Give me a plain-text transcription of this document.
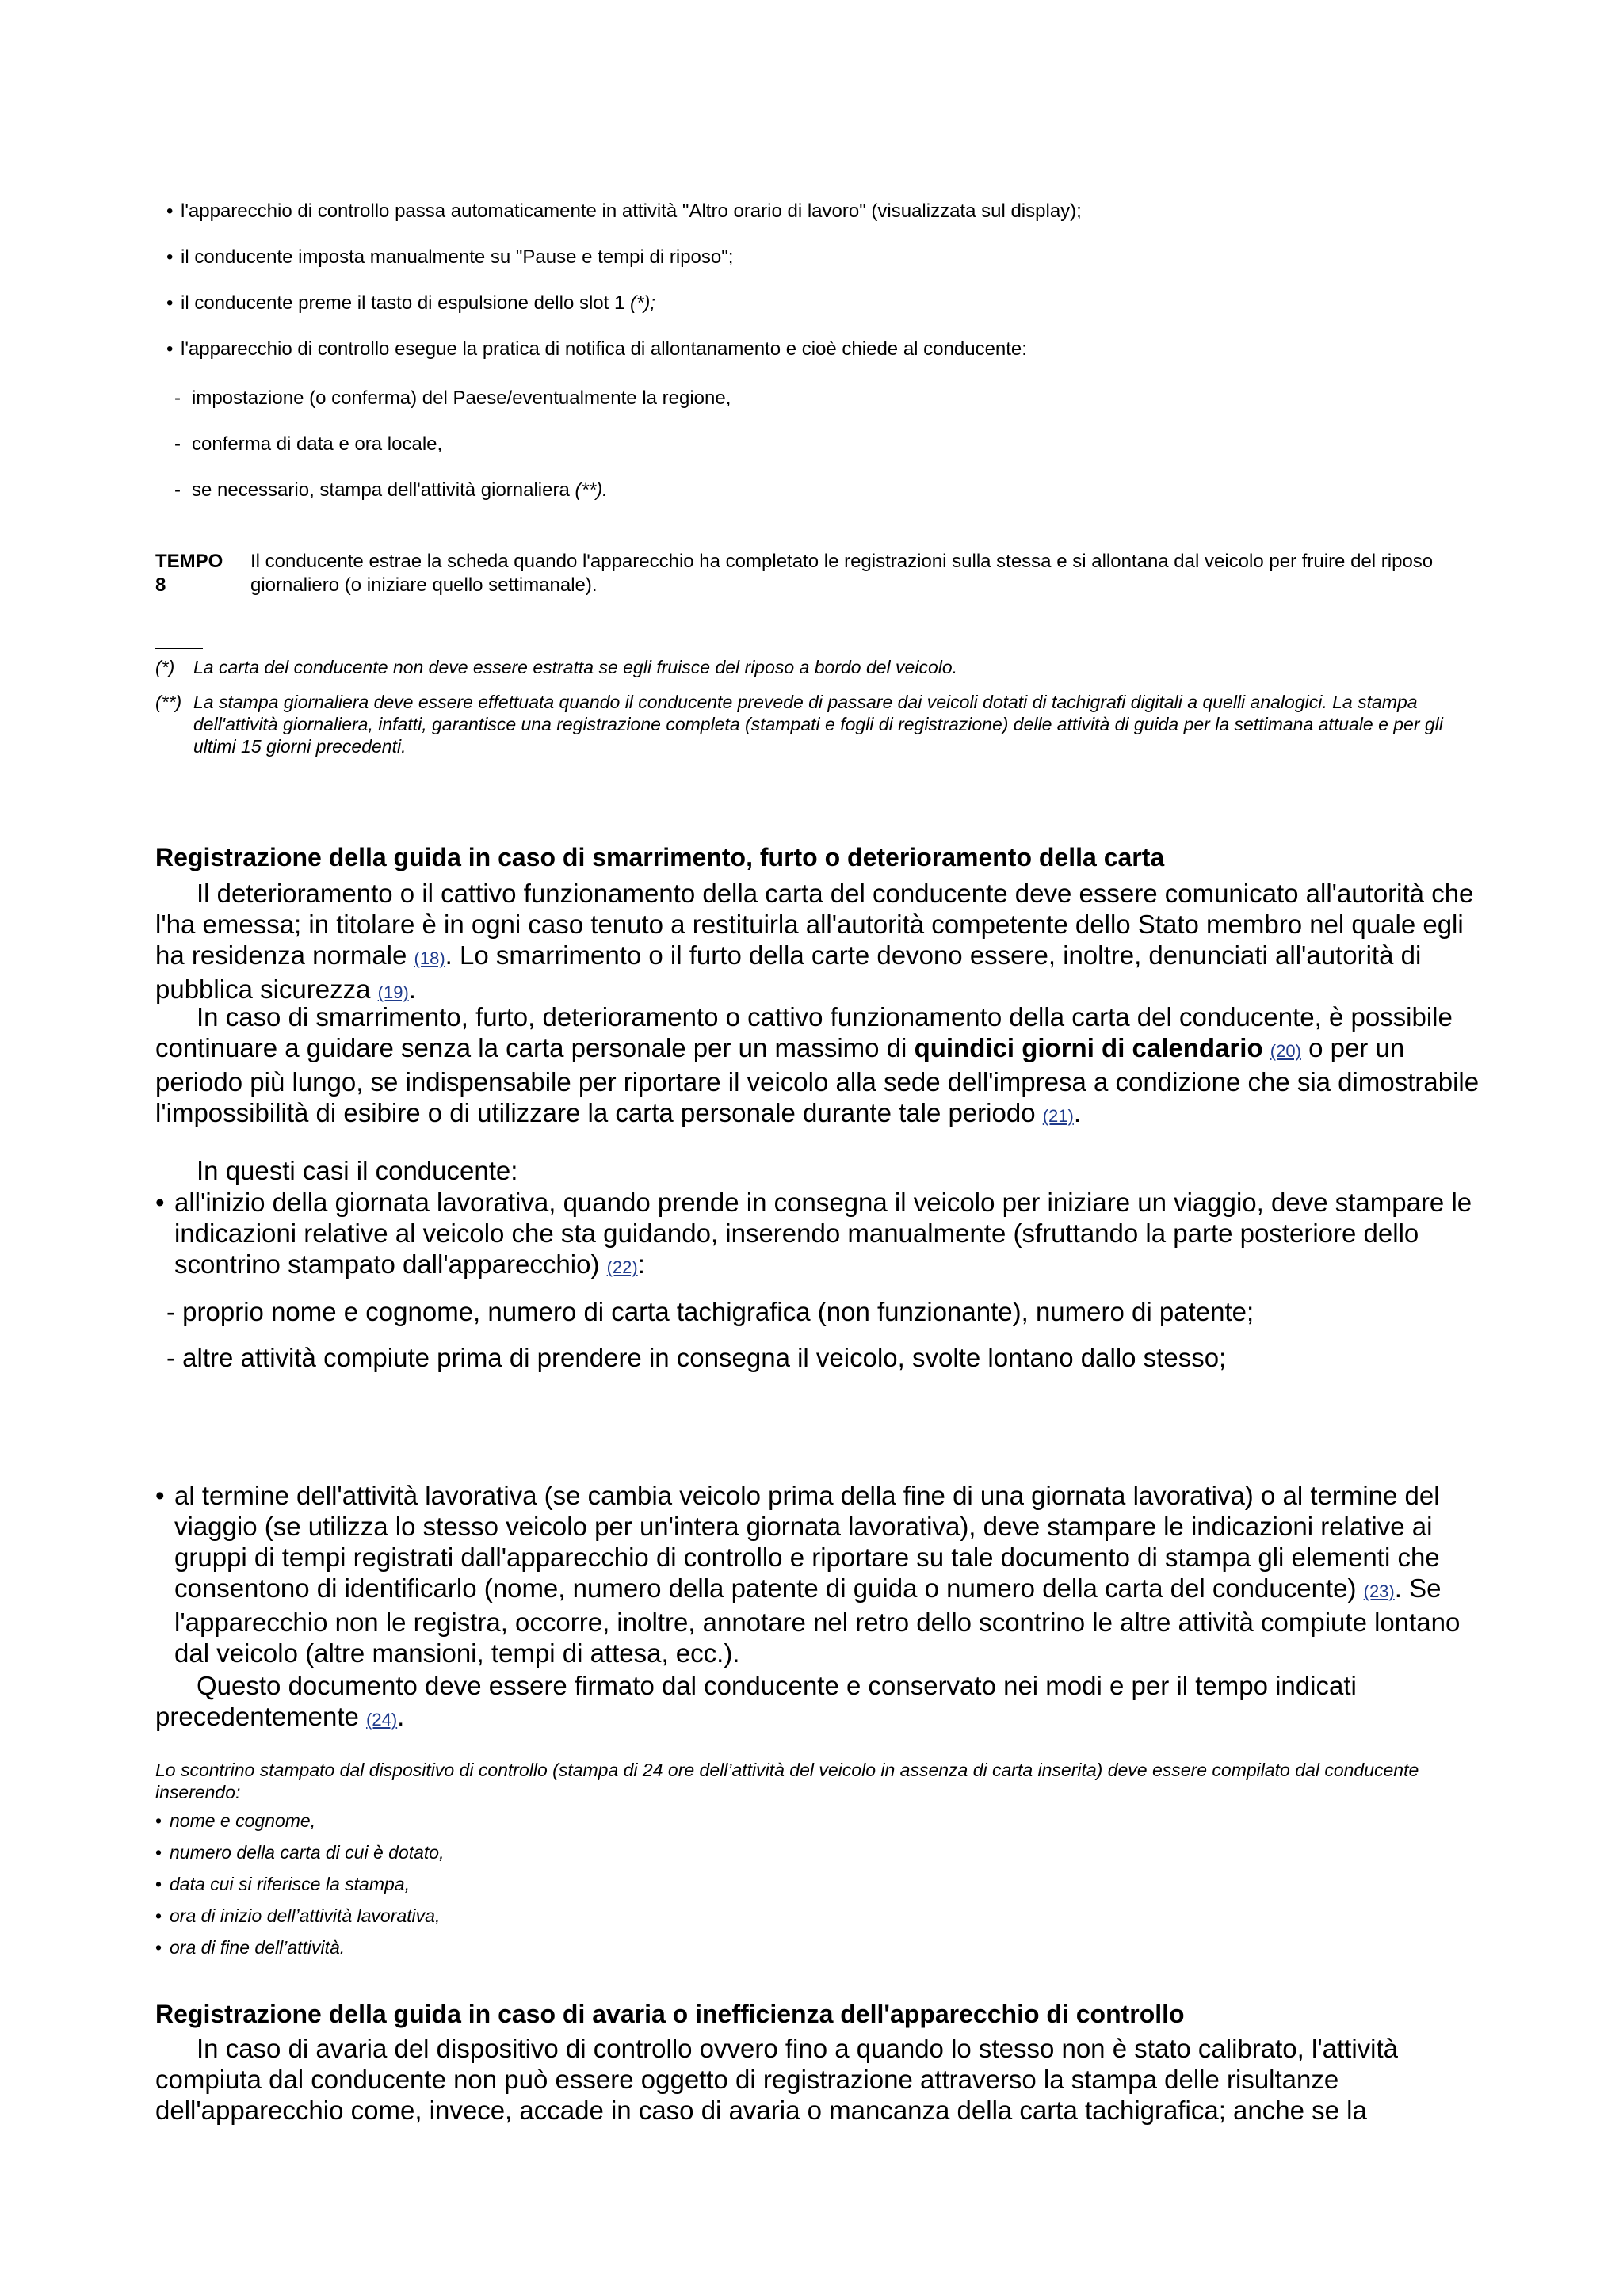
• l'apparecchio di controllo passa automaticamente in attività "Altro orario di lavoro" (visualizzata sul display);
• il conducente imposta manualmente su "Pause e tempi di riposo";
• il conducente preme il tasto di espulsione dello slot 1 (*);
• l'apparecchio di controllo esegue la pratica di notifica di allontanamento e cioè chiede al conducente:
- impostazione (o conferma) del Paese/eventualmente la regione,
- conferma di data e ora locale,
- se necessario, stampa dell'attività giornaliera (**).
TEMPO
8
Il conducente estrae la scheda quando l'apparecchio ha completato le registrazioni sulla stessa e si allontana dal veicolo per fruire del riposo giornaliero (o iniziare quello settimanale).
(*) La carta del conducente non deve essere estratta se egli fruisce del riposo a bordo del veicolo.
(**) La stampa giornaliera deve essere effettuata quando il conducente prevede di passare dai veicoli dotati di tachigrafi digitali a quelli analogici. La stampa dell'attività giornaliera, infatti, garantisce una registrazione completa (stampati e fogli di registrazione) delle attività di guida per la settimana attuale e per gli ultimi 15 giorni precedenti.
Registrazione della guida in caso di smarrimento, furto o deterioramento della carta
Il deterioramento o il cattivo funzionamento della carta del conducente deve essere comunicato all'autorità che l'ha emessa; in titolare è in ogni caso tenuto a restituirla all'autorità competente dello Stato membro nel quale egli ha residenza normale (18). Lo smarrimento o il furto della carte devono essere, inoltre, denunciati all'autorità di pubblica sicurezza (19).
In caso di smarrimento, furto, deterioramento o cattivo funzionamento della carta del conducente, è possibile continuare a guidare senza la carta personale per un massimo di quindici giorni di calendario (20) o per un periodo più lungo, se indispensabile per riportare il veicolo alla sede dell'impresa a condizione che sia dimostrabile l'impossibilità di esibire o di utilizzare la carta personale durante tale periodo (21).
In questi casi il conducente:
• all'inizio della giornata lavorativa, quando prende in consegna il veicolo per iniziare un viaggio, deve stampare le indicazioni relative al veicolo che sta guidando, inserendo manualmente (sfruttando la parte posteriore dello scontrino stampato dall'apparecchio) (22):
- proprio nome e cognome, numero di carta tachigrafica (non funzionante), numero di patente;
- altre attività compiute prima di prendere in consegna il veicolo, svolte lontano dallo stesso;
• al termine dell'attività lavorativa (se cambia veicolo prima della fine di una giornata lavorativa) o al termine del viaggio (se utilizza lo stesso veicolo per un'intera giornata lavorativa), deve stampare le indicazioni relative ai gruppi di tempi registrati dall'apparecchio di controllo e riportare su tale documento di stampa gli elementi che consentono di identificarlo (nome, numero della patente di guida o numero della carta del conducente) (23). Se l'apparecchio non le registra, occorre, inoltre, annotare nel retro dello scontrino le altre attività compiute lontano dal veicolo (altre mansioni, tempi di attesa, ecc.).
Questo documento deve essere firmato dal conducente e conservato nei modi e per il tempo indicati precedentemente (24).
Lo scontrino stampato dal dispositivo di controllo (stampa di 24 ore dell’attività del veicolo in assenza di carta inserita) deve essere compilato dal conducente inserendo:
• nome e cognome,
• numero della carta di cui è dotato,
• data cui si riferisce la stampa,
• ora di inizio dell’attività lavorativa,
• ora di fine dell’attività.
Registrazione della guida in caso di avaria o inefficienza dell'apparecchio di controllo
In caso di avaria del dispositivo di controllo ovvero fino a quando lo stesso non è stato calibrato, l'attività compiuta dal conducente non può essere oggetto di registrazione attraverso la stampa delle risultanze dell'apparecchio come, invece, accade in caso di avaria o mancanza della carta tachigrafica; anche se la
